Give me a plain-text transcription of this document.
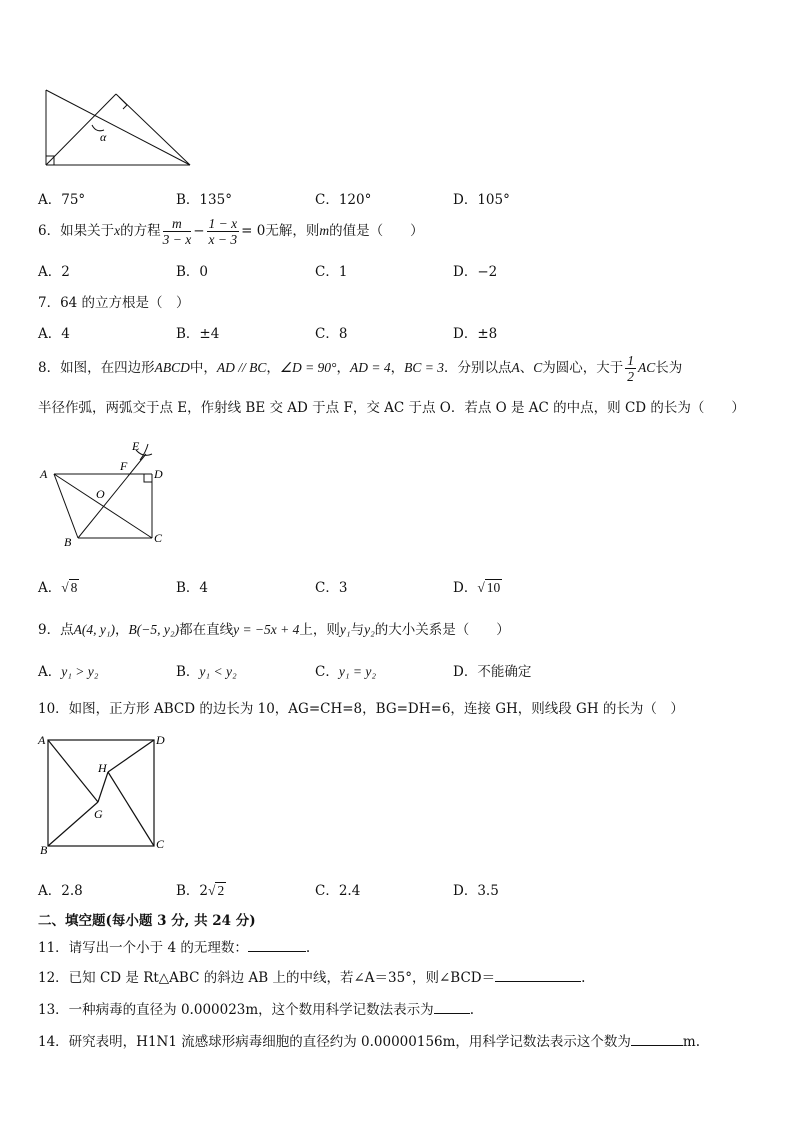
α
A．75°	B．135°	C．120°	D．105°
6．如果关于x的方程 $\frac{m}{3 - x} - \frac{1 - x}{x - 3} = 0$无解，则m的值是（　　）
A．2	B．0	C．1	D．−2
7．64 的立方根是（　）
A．4	B．±4	C．8	D．±8
8．如图，在四边形ABCD中，AD // BC，∠D = 90°，AD = 4，BC = 3．分别以点A、C为圆心，大于 $\frac{1}{2}$ AC长为
半径作弧，两弧交于点 E，作射线 BE 交 AD 于点 F，交 AC 于点 O．若点 O 是 AC 的中点，则 CD 的长为（　　）
A
B	C
D
E
F
O
A．√ 8	B．4	C．3	D．√ 10
9．点A(4, y₁)，B(−5, y₂)都在直线y = −5x + 4上，则y₁与y₂的大小关系是（　　）
A．y₁ > y₂	B．y₁ < y₂	C．y₁ = y₂	D．不能确定
10．如图，正方形 ABCD 的边长为 10，AG=CH=8，BG=DH=6，连接 GH，则线段 GH 的长为（　）
A
B	C
D
G
H
A．2.8	B．2√ 2	C．2.4	D．3.5
二、填空题(每小题 3 分, 共 24 分)
11．请写出一个小于 4 的无理数：	.
12．已知 CD 是 Rt△ABC 的斜边 AB 上的中线，若∠A＝35°，则∠BCD＝	.
13．一种病毒的直径为 0.000023m，这个数用科学记数法表示为	.
14．研究表明，H1N1 流感球形病毒细胞的直径约为 0.00000156m，用科学记数法表示这个数为	m.
